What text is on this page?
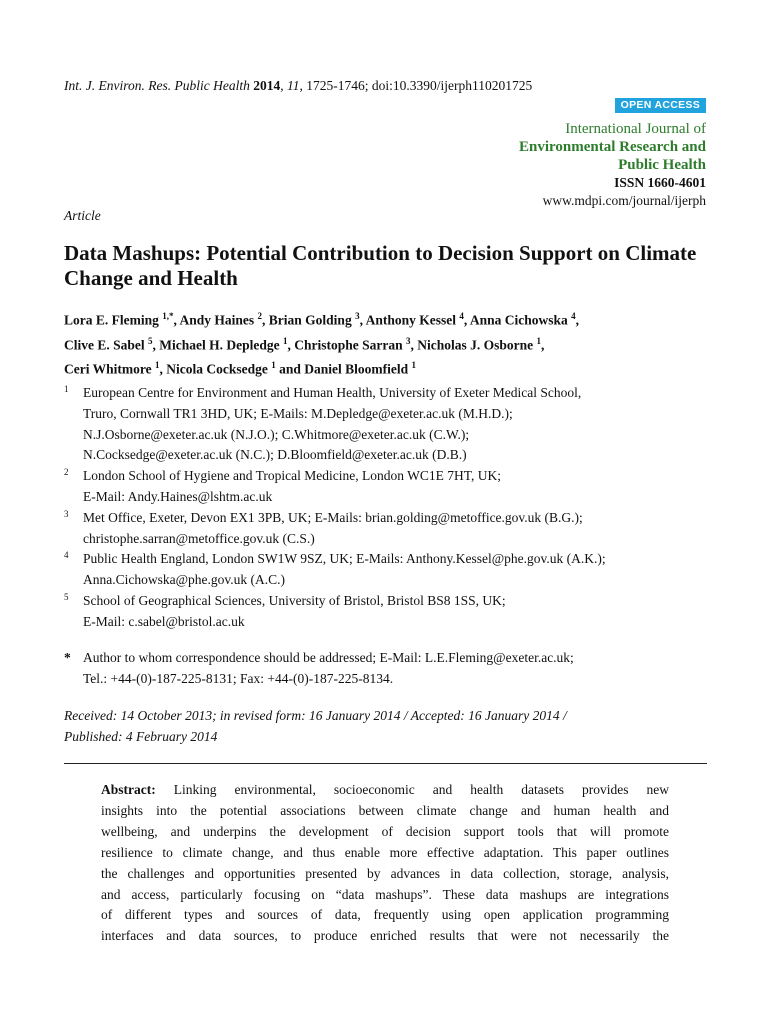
Int. J. Environ. Res. Public Health 2014, 11, 1725-1746; doi:10.3390/ijerph110201725
OPEN ACCESS
International Journal of
Environmental Research and
Public Health
ISSN 1660-4601
www.mdpi.com/journal/ijerph
Article
Data Mashups: Potential Contribution to Decision Support on Climate Change and Health
Lora E. Fleming $^{1,*}$, Andy Haines $^2$, Brian Golding $^3$, Anthony Kessel $^4$, Anna Cichowska $^4$,
Clive E. Sabel $^5$, Michael H. Depledge $^1$, Christophe Sarran $^3$, Nicholas J. Osborne $^1$,
Ceri Whitmore $^1$, Nicola Cocksedge $^1$ and Daniel Bloomfield $^1$
1 European Centre for Environment and Human Health, University of Exeter Medical School,
Truro, Cornwall TR1 3HD, UK; E-Mails: M.Depledge@exeter.ac.uk (M.H.D.);
N.J.Osborne@exeter.ac.uk (N.J.O.); C.Whitmore@exeter.ac.uk (C.W.);
N.Cocksedge@exeter.ac.uk (N.C.); D.Bloomfield@exeter.ac.uk (D.B.)
2 London School of Hygiene and Tropical Medicine, London WC1E 7HT, UK;
E-Mail: Andy.Haines@lshtm.ac.uk
3 Met Office, Exeter, Devon EX1 3PB, UK; E-Mails: brian.golding@metoffice.gov.uk (B.G.);
christophe.sarran@metoffice.gov.uk (C.S.)
4 Public Health England, London SW1W 9SZ, UK; E-Mails: Anthony.Kessel@phe.gov.uk (A.K.);
Anna.Cichowska@phe.gov.uk (A.C.)
5 School of Geographical Sciences, University of Bristol, Bristol BS8 1SS, UK;
E-Mail: c.sabel@bristol.ac.uk
* Author to whom correspondence should be addressed; E-Mail: L.E.Fleming@exeter.ac.uk;
Tel.: +44-(0)-187-225-8131; Fax: +44-(0)-187-225-8134.
Received: 14 October 2013; in revised form: 16 January 2014 / Accepted: 16 January 2014 /
Published: 4 February 2014
Abstract: Linking environmental, socioeconomic and health datasets provides new
insights into the potential associations between climate change and human health and
wellbeing, and underpins the development of decision support tools that will promote
resilience to climate change, and thus enable more effective adaptation. This paper outlines
the challenges and opportunities presented by advances in data collection, storage, analysis,
and access, particularly focusing on “data mashups”. These data mashups are integrations
of different types and sources of data, frequently using open application programming
interfaces and data sources, to produce enriched results that were not necessarily the
